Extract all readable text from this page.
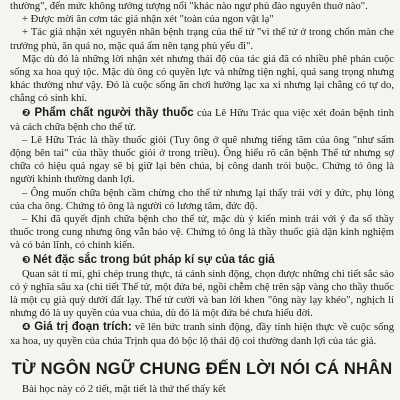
thường", đến mức không tưởng tượng nổi "khác nào ngư phủ đào nguyên thuở nào".

+ Được mời ăn cơm tác giả nhận xét "toàn của ngon vật lạ"

+ Tác giả nhận xét nguyên nhân bệnh trạng của thế tử "vì thế tử ở trong chốn màn che trướng phủ, ăn quá no, mặc quá ấm nên tạng phủ yếu đi".

Mặc dù đó là những lời nhận xét nhưng thái độ của tác giả đã có nhiều phê phán cuộc sống xa hoa quý tộc. Mặc dù ông có quyền lực và những tiện nghi, quá sang trọng nhưng khác thường như vậy. Đó là cuộc sống ăn chơi hưởng lạc xa xỉ nhưng lại chẳng có tự do, chẳng có sinh khí.

❷ Phẩm chất người thầy thuốc của Lê Hữu Trác qua việc xét đoán bệnh tình và cách chữa bệnh cho thế tử.

– Lê Hữu Trác là thầy thuốc giỏi (Tuy ông ở quê nhưng tiếng tăm của ông "như sấm động bên tai" của thầy thuốc giỏi ở trong triều). Ông hiểu rõ căn bệnh Thế tử nhưng sợ chữa có hiệu quả ngay sẽ bị giữ lại bên chúa, bị công danh trói buộc. Chứng tỏ ông là người khinh thường danh lợi.

– Ông muốn chữa bệnh cầm chừng cho thế tử nhưng lại thấy trái với y đức, phụ lòng của cha ông. Chứng tỏ ông là người có lương tâm, đức độ.

– Khi đã quyết định chữa bệnh cho thế tử, mặc dù ý kiến mình trái với ý đa số thầy thuốc trong cung nhưng ông vẫn bảo vệ. Chứng tỏ ông là thầy thuốc già dặn kinh nghiệm và có bản lĩnh, có chính kiến.

❸ Nét đặc sắc trong bút pháp kí sự của tác giả

Quan sát tỉ mỉ, ghi chép trung thực, tả cảnh sinh động, chọn được những chi tiết sắc sảo có ý nghĩa sâu xa (chi tiết Thế tử, một đứa bé, ngồi chễm chệ trên sập vàng cho thầy thuốc là một cụ già quỳ dưới đất lạy. Thế tử cười và ban lời khen "ông này lạy khéo", nghịch lí nhưng đó là uy quyền của vua chúa, dù đó là một đứa bé chưa hiểu đời.

❹ Giá trị đoạn trích: vẽ lên bức tranh sinh động, đầy tính hiện thực về cuộc sống xa hoa, uy quyền của chúa Trịnh qua đó bộc lộ thái độ coi thường danh lợi của tác giả.

TỪ NGÔN NGỮ CHUNG ĐẾN LỜI NÓI CÁ NHÂN

Bài học này có 2 tiết, mặt tiết là thứ thế thấy kết
